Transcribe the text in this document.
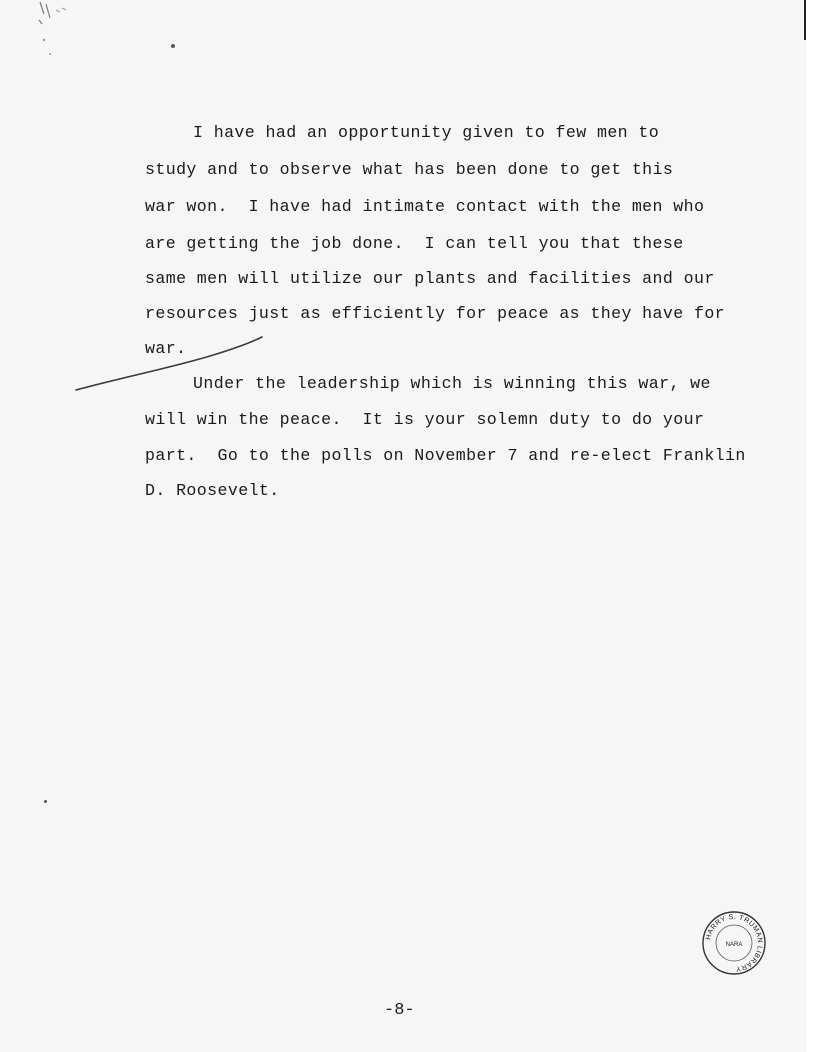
I have had an opportunity given to few men to
study and to observe what has been done to get this
war won.  I have had intimate contact with the men who
are getting the job done.  I can tell you that these
same men will utilize our plants and facilities and our
resources just as efficiently for peace as they have for
war.
Under the leadership which is winning this war, we
will win the peace.  It is your solemn duty to do your
part.  Go to the polls on November 7 and re-elect Franklin
D. Roosevelt.
HARRY S. TRUMAN LIBRARY
NARA
-8-
